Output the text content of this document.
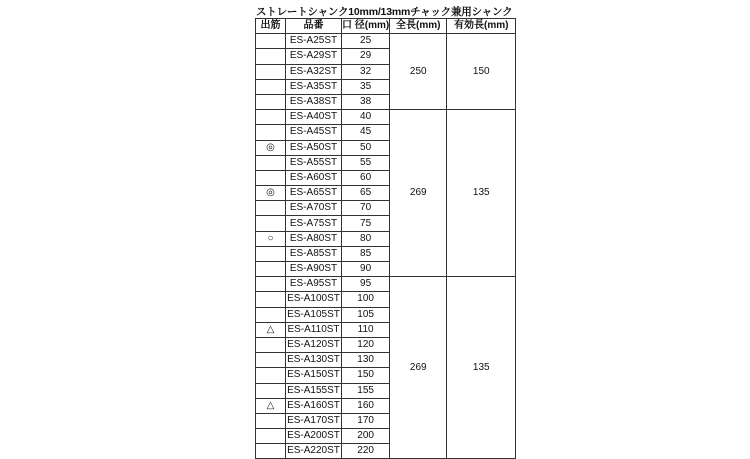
ストレートシャンク10mm/13mmチャック兼用シャンク
出筋	品番	口 径(mm)	全長(mm)	有効長(mm)
	ES-A25ST	25	250	150
	ES-A29ST	29		
	ES-A32ST	32		
	ES-A35ST	35		
	ES-A38ST	38		
	ES-A40ST	40	269	135
	ES-A45ST	45		
◎	ES-A50ST	50		
	ES-A55ST	55		
	ES-A60ST	60		
◎	ES-A65ST	65		
	ES-A70ST	70		
	ES-A75ST	75		
○	ES-A80ST	80		
	ES-A85ST	85		
	ES-A90ST	90		
	ES-A95ST	95	269	135
	ES-A100ST	100		
	ES-A105ST	105		
△	ES-A110ST	110		
	ES-A120ST	120		
	ES-A130ST	130		
	ES-A150ST	150		
	ES-A155ST	155		
△	ES-A160ST	160		
	ES-A170ST	170		
	ES-A200ST	200		
	ES-A220ST	220		
